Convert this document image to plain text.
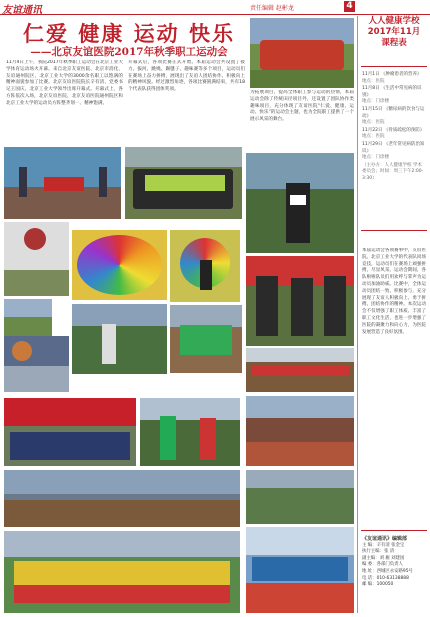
友谊通讯	责任编辑 赵彬龙	4
仁爱 健康 运动 快乐
——北京友谊医院2017年秋季职工运动会
11月4日上午，我院2017年秋季职工运动会在北京工业大学体育运动场火开幕。来自北京友谊医院、北京市消化、友谊通州院区、北京工业大学的3000余名职工以饱满的精神面貌参加了比赛。北京友谊医院院长辛有清、党委书记王国庆、北京工业大学领导出席开幕式。开幕式上，各方阵依次入场，北京友谊医院、北京友谊医院通州院区和北京工业大学的运动员方阵整齐划一、精神饱满。
开幕式后，各项比赛正式开始。本届运动会共设置了接力、拔河、跳绳、踢毽子、趣味赛等多个项目，运动员们在赛场上奋力拼搏，展现出了友谊人团结协作、积极向上的精神风貌。经过激烈角逐，各项比赛圆满结束，共有18个代表队获得团体奖项。
为拓展项目，提高全体职工参与运动的热情，本届运动会除了传统田径项目外，还设置了团队协作类趣味项目，充分体现了友谊医院“仁爱、健康、运动、快乐”的运动会主题，也为全院职工提供了一个展示风采的舞台。
人人健康学校
2017年11月
课程表
11月1日 《肿瘤患者的营养》
地点：医院
11月8日 《生活中常见病的识别》
地点：门诊楼
11月15日 《糖尿病的饮食与运动》
地点：医院
11月22日 《骨质疏松的预防》
地点：医院
11月29日 《老年常见病防治知识》
地点：门诊楼
（主办方：人人健康学校 学术委员会；时间：周三下午2:00-3:30）
本届运动会各项赛事中，友谊医院、北京工业大学的代表队同场竞技，运动员们在赛场上顽强拼搏，尽显风采。运动会期间，各队啦啦队员们用欢呼与掌声为运动员加油助威。比赛中，全体运动员团结一致、积极参与，充分展现了友谊人积极向上、勇于拼搏、团结协作的精神。本次运动会不仅增强了职工体质、丰富了职工文化生活，也进一步增强了医院的凝聚力和向心力，为医院发展营造了良好氛围。
《友谊通讯》编辑部
主 编：辛有清 张金宝
执行主编：张 清
副主编：刘 雁 刘建国
编 委：各部门负责人
地 址：西城区永安路95号
电 话：010-63138888
邮 编：100050
